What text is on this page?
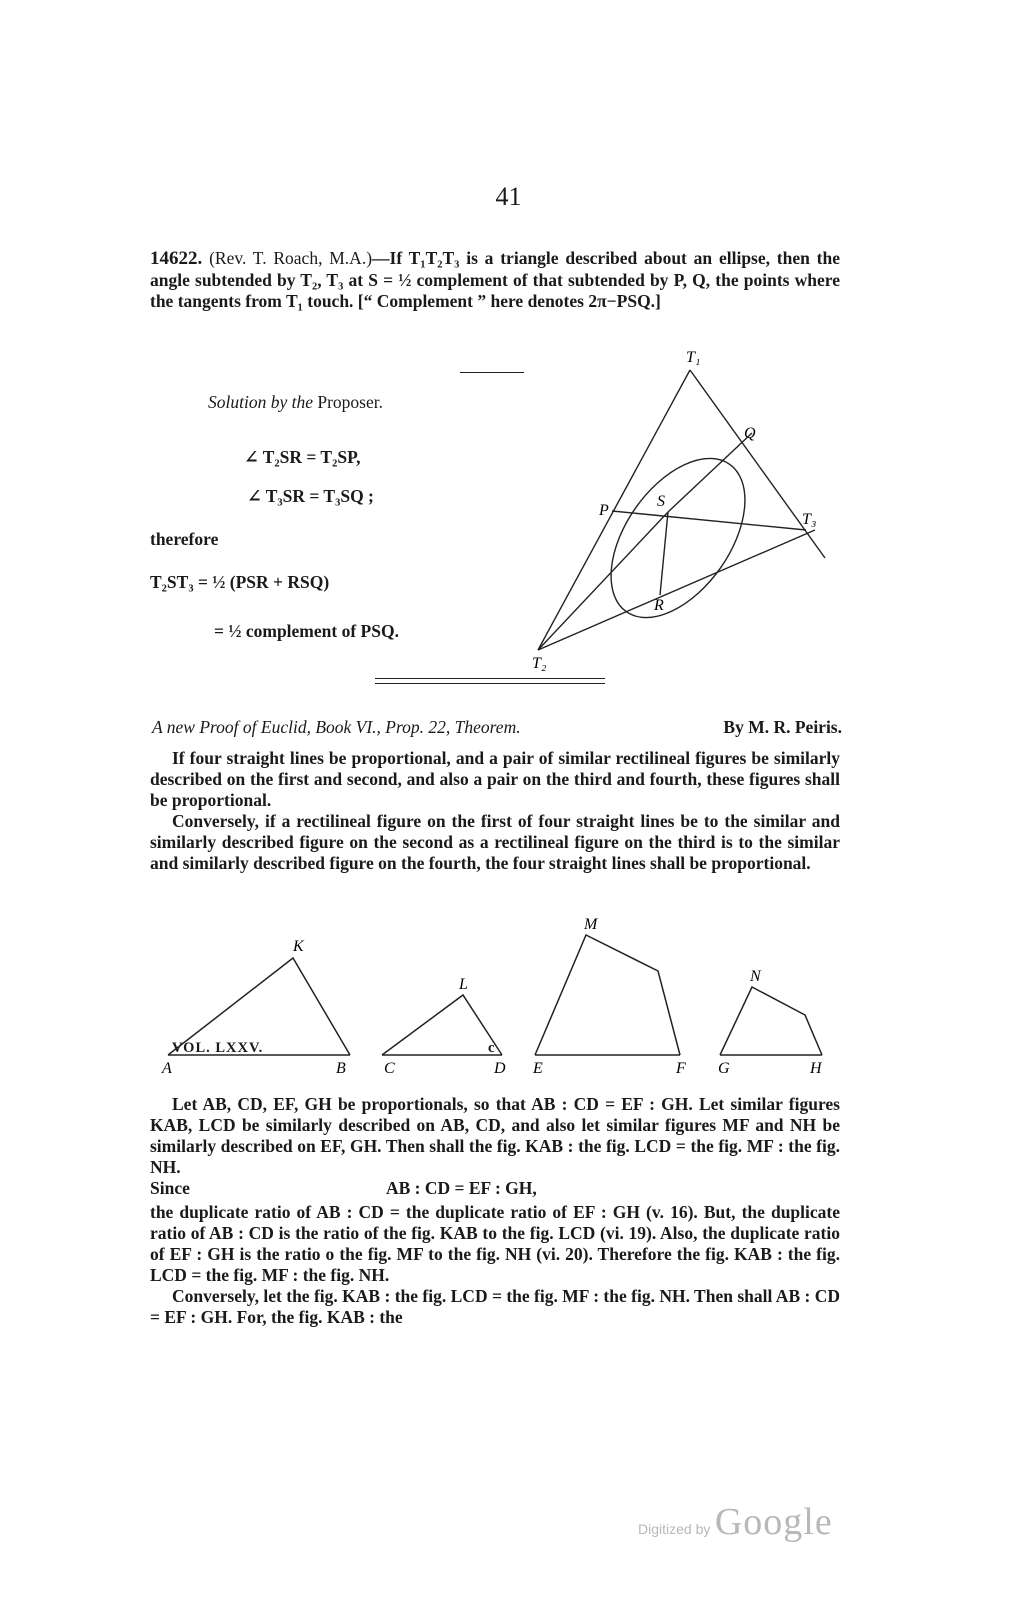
41
14622. (Rev. T. Roach, M.A.)—If T₁T₂T₃ is a triangle described about an ellipse, then the angle subtended by T₂, T₃ at S = ½ complement of that subtended by P, Q, the points where the tangents from T₁ touch. [“ Complement ” here denotes 2π−PSQ.]
Solution by the Proposer.
∠ T₂SR = T₂SP,
∠ T₃SR = T₃SQ ;
therefore
T₂ST₃ = ½ (PSR + RSQ)
= ½ complement of PSQ.
T₁
Q
S
P
T₃
R
T₂
A new Proof of Euclid, Book VI., Prop. 22, Theorem.	By M. R. Peiris.

If four straight lines be proportional, and a pair of similar rectilineal figures be similarly described on the first and second, and also a pair on the third and fourth, these figures shall be proportional.

Conversely, if a rectilineal figure on the first of four straight lines be to the similar and similarly described figure on the second as a rectilineal figure on the third is to the similar and similarly described figure on the fourth, the four straight lines shall be proportional.

A	B C	D E	F G	H
K
L
M
N

Let AB, CD, EF, GH be proportionals, so that AB : CD = EF : GH. Let similar figures KAB, LCD be similarly described on AB, CD, and also let similar figures MF and NH be similarly described on EF, GH. Then shall the fig. KAB : the fig. LCD = the fig. MF : the fig. NH.

Since	AB : CD = EF : GH,

the duplicate ratio of AB : CD = the duplicate ratio of EF : GH (v. 16). But, the duplicate ratio of AB : CD is the ratio of the fig. KAB to the fig. LCD (vi. 19). Also, the duplicate ratio of EF : GH is the ratio o the fig. MF to the fig. NH (vi. 20). Therefore the fig. KAB : the fig. LCD = the fig. MF : the fig. NH.

Conversely, let the fig. KAB : the fig. LCD = the fig. MF : the fig. NH. Then shall AB : CD = EF : GH. For, the fig. KAB : the

VOL. LXXV.	c
Digitized by Google
